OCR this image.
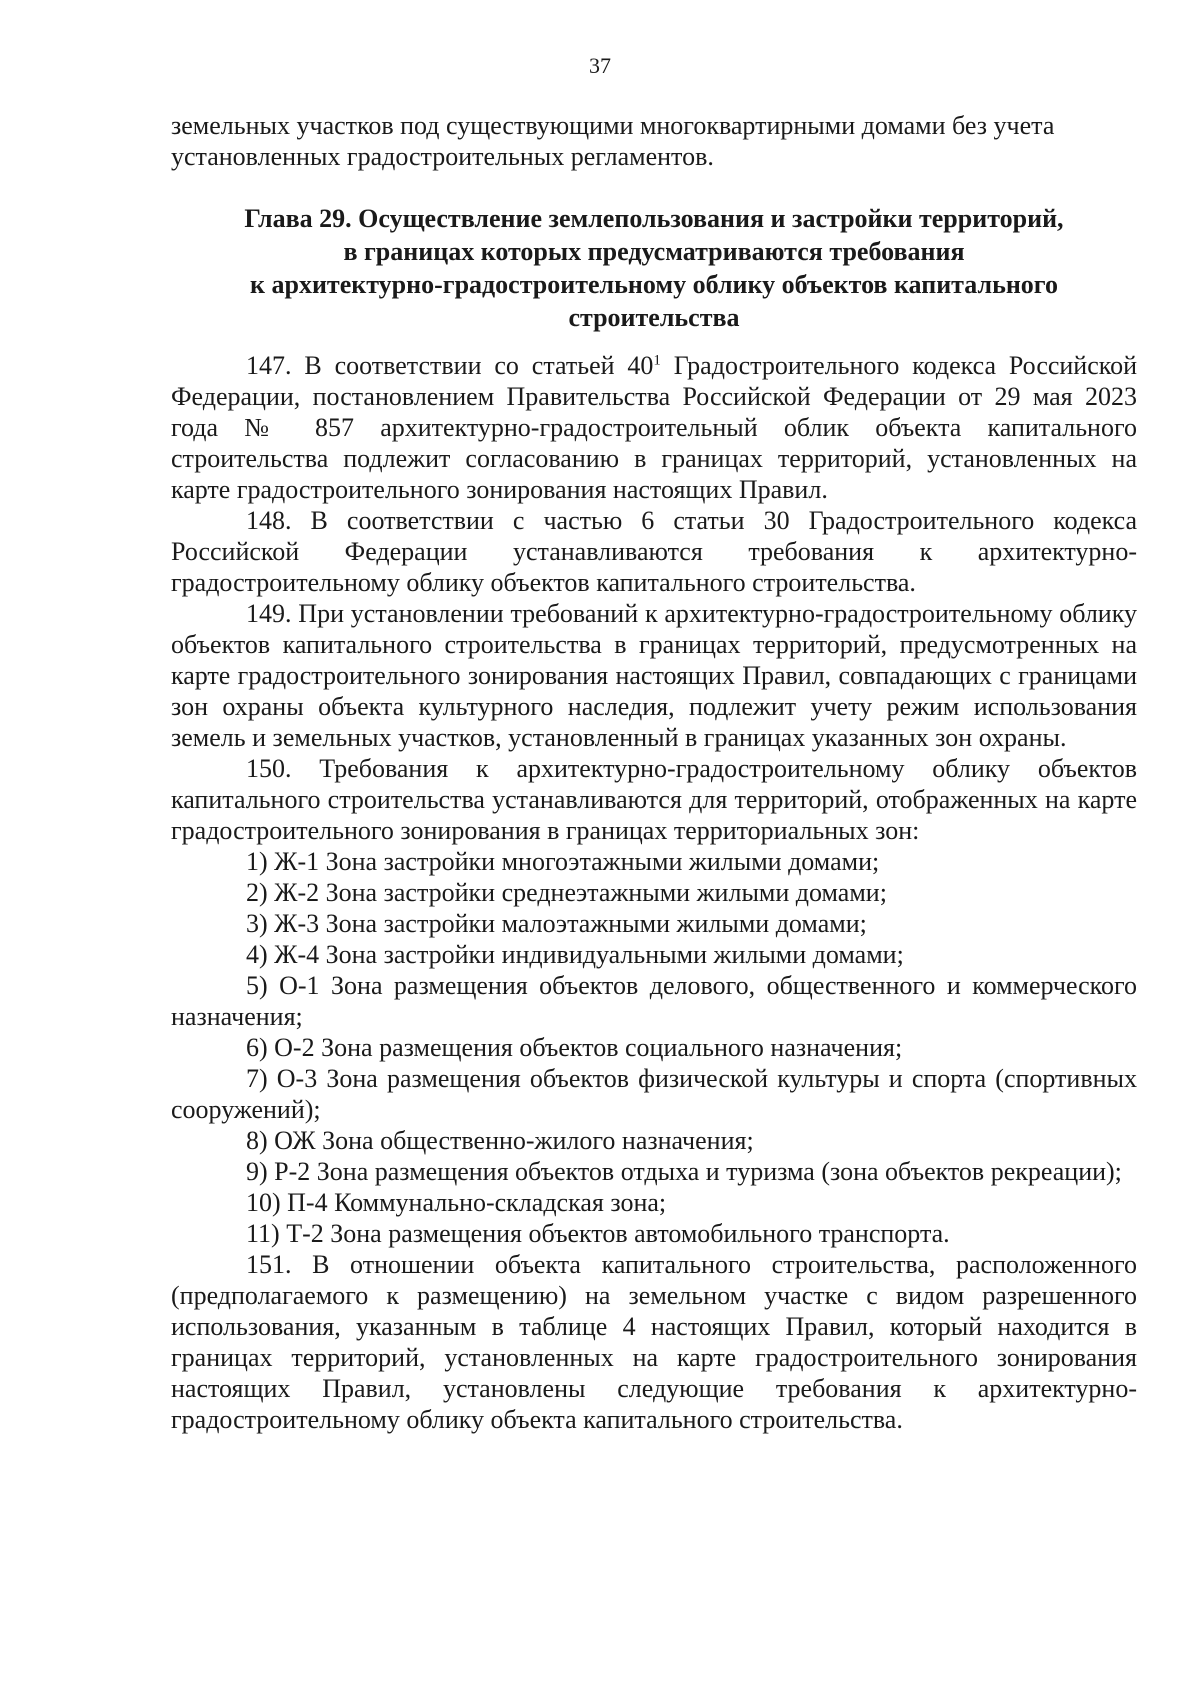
37

земельных участков под существующими многоквартирными домами без учета установленных градостроительных регламентов.

Глава 29. Осуществление землепользования и застройки территорий,
в границах которых предусматриваются требования
к архитектурно-градостроительному облику объектов капитального
строительства

147. В соответствии со статьей $40^1$ Градостроительного кодекса Российской Федерации, постановлением Правительства Российской Федерации от 29 мая 2023 года № 857 архитектурно-градостроительный облик объекта капитального строительства подлежит согласованию в границах территорий, установленных на карте градостроительного зонирования настоящих Правил.

148. В соответствии с частью 6 статьи 30 Градостроительного кодекса Российской Федерации устанавливаются требования к архитектурно-градостроительному облику объектов капитального строительства.

149. При установлении требований к архитектурно-градостроительному облику объектов капитального строительства в границах территорий, предусмотренных на карте градостроительного зонирования настоящих Правил, совпадающих с границами зон охраны объекта культурного наследия, подлежит учету режим использования земель и земельных участков, установленный в границах указанных зон охраны.

150. Требования к архитектурно-градостроительному облику объектов капитального строительства устанавливаются для территорий, отображенных на карте градостроительного зонирования в границах территориальных зон:

1) Ж-1 Зона застройки многоэтажными жилыми домами;

2) Ж-2 Зона застройки среднеэтажными жилыми домами;

3) Ж-3 Зона застройки малоэтажными жилыми домами;

4) Ж-4 Зона застройки индивидуальными жилыми домами;

5) О-1 Зона размещения объектов делового, общественного и коммерческого назначения;

6) О-2 Зона размещения объектов социального назначения;

7) О-3 Зона размещения объектов физической культуры и спорта (спортивных сооружений);

8) ОЖ Зона общественно-жилого назначения;

9) Р-2 Зона размещения объектов отдыха и туризма (зона объектов рекреации);

10) П-4 Коммунально-складская зона;

11) Т-2 Зона размещения объектов автомобильного транспорта.

151. В отношении объекта капитального строительства, расположенного (предполагаемого к размещению) на земельном участке с видом разрешенного использования, указанным в таблице 4 настоящих Правил, который находится в границах территорий, установленных на карте градостроительного зонирования настоящих Правил, установлены следующие требования к архитектурно-градостроительному облику объекта капитального строительства.
